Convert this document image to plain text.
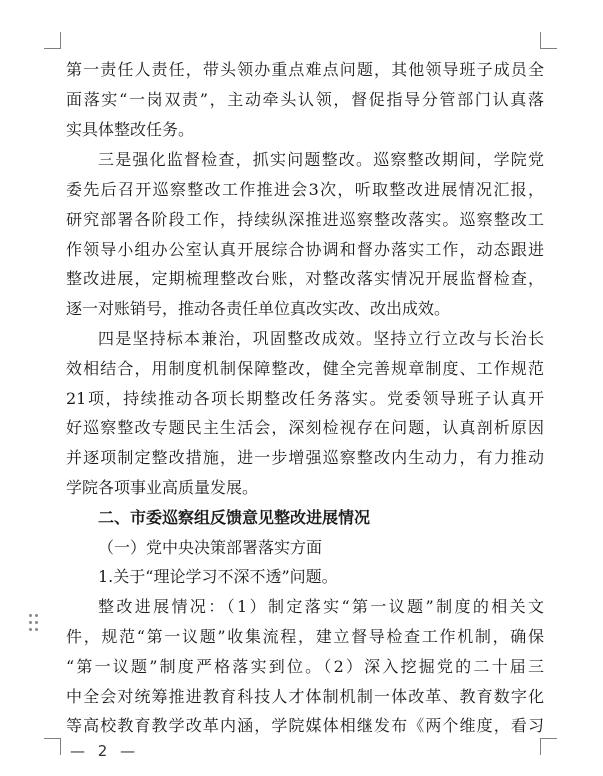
第一责任人责任，带头领办重点难点问题，其他领导班子成员全
面落实“一岗双责”，主动牵头认领，督促指导分管部门认真落
实具体整改任务。
三是强化监督检查，抓实问题整改。巡察整改期间，学院党
委先后召开巡察整改工作推进会3次，听取整改进展情况汇报，
研究部署各阶段工作，持续纵深推进巡察整改落实。巡察整改工
作领导小组办公室认真开展综合协调和督办落实工作，动态跟进
整改进展，定期梳理整改台账，对整改落实情况开展监督检查，
逐一对账销号，推动各责任单位真改实改、改出成效。
四是坚持标本兼治，巩固整改成效。坚持立行立改与长治长
效相结合，用制度机制保障整改，健全完善规章制度、工作规范
21项，持续推动各项长期整改任务落实。党委领导班子认真开
好巡察整改专题民主生活会，深刻检视存在问题，认真剖析原因
并逐项制定整改措施，进一步增强巡察整改内生动力，有力推动
学院各项事业高质量发展。
二、市委巡察组反馈意见整改进展情况
（一）党中央决策部署落实方面
1.关于“理论学习不深不透”问题。
整改进展情况：（1）制定落实“第一议题”制度的相关文
件，规范“第一议题”收集流程，建立督导检查工作机制，确保
“第一议题”制度严格落实到位。（2）深入挖掘党的二十届三
中全会对统筹推进教育科技人才体制机制一体改革、教育数字化
等高校教育教学改革内涵，学院媒体相继发布《两个维度，看习
— 2 —
